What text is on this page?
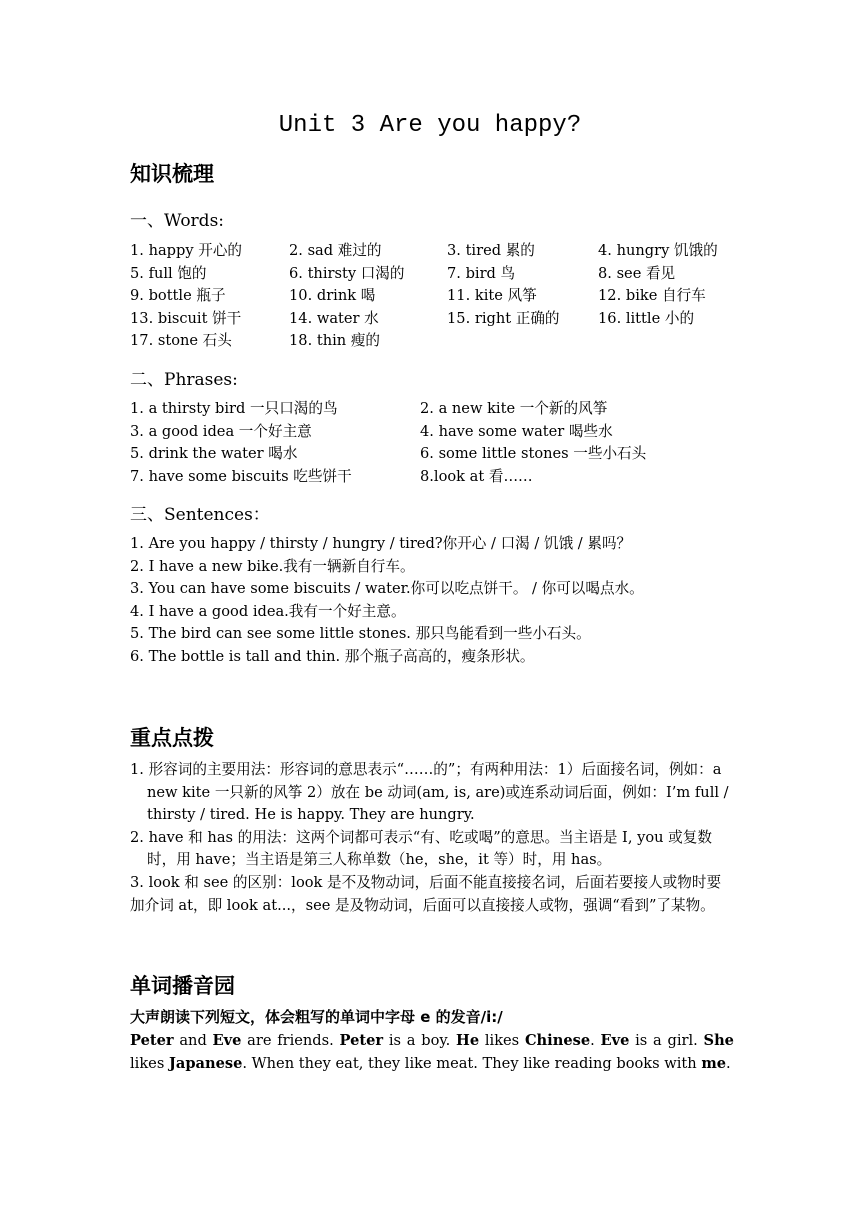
Unit 3 Are you happy?
知识梳理
一、Words:
1. happy 开心的	2. sad 难过的	3. tired 累的	4. hungry 饥饿的
5. full 饱的	6. thirsty 口渴的	7. bird 鸟	8. see 看见
9. bottle 瓶子	10. drink 喝	11. kite 风筝	12. bike 自行车
13. biscuit 饼干	14. water 水	15. right 正确的	16. little 小的
17. stone 石头	18. thin 瘦的
二、Phrases:
1. a thirsty bird 一只口渴的鸟	2. a new kite 一个新的风筝
3. a good idea 一个好主意	4. have some water 喝些水
5. drink the water 喝水	6. some little stones 一些小石头
7. have some biscuits 吃些饼干	8.look at 看……
三、Sentences：
1. Are you happy / thirsty / hungry / tired?你开心 / 口渴 / 饥饿 / 累吗？
2. I have a new bike.我有一辆新自行车。
3. You can have some biscuits / water.你可以吃点饼干。 / 你可以喝点水。
4. I have a good idea.我有一个好主意。
5. The bird can see some little stones. 那只鸟能看到一些小石头。
6. The bottle is tall and thin. 那个瓶子高高的，瘦条形状。
重点点拨
1. 形容词的主要用法：形容词的意思表示“……的”；有两种用法：1）后面接名词，例如：a new kite 一只新的风筝 2）放在 be 动词(am, is, are)或连系动词后面，例如：I’m full / thirsty / tired. He is happy. They are hungry.
2. have 和 has 的用法：这两个词都可表示“有、吃或喝”的意思。当主语是 I, you 或复数时，用 have；当主语是第三人称单数（he，she，it 等）时，用 has。
3. look 和 see 的区别：look 是不及物动词，后面不能直接接名词，后面若要接人或物时要加介词 at，即 look at...，see 是及物动词，后面可以直接接人或物，强调“看到”了某物。
单词播音园
大声朗读下列短文，体会粗写的单词中字母 e 的发音/i:/
Peter and Eve are friends. Peter is a boy. He likes Chinese. Eve is a girl. She likes Japanese. When they eat, they like meat. They like reading books with me.
